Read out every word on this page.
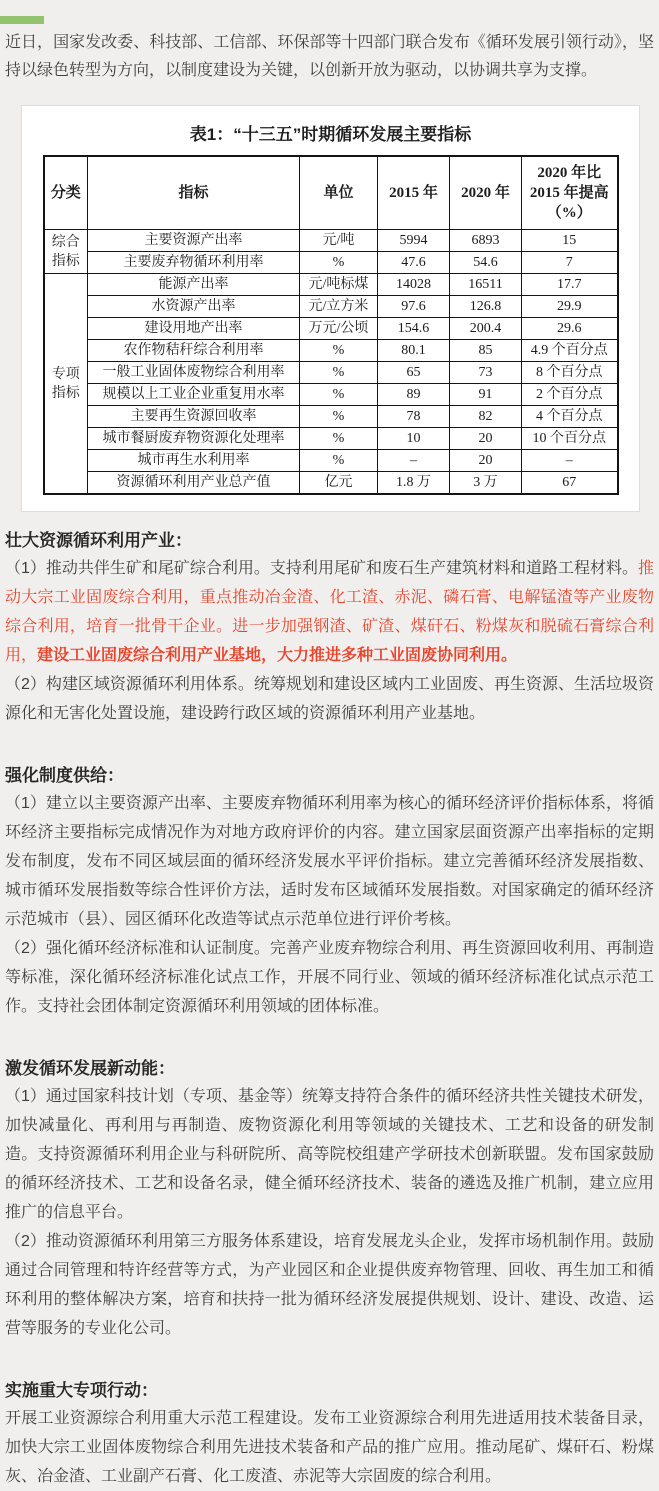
近日，国家发改委、科技部、工信部、环保部等十四部门联合发布《循环发展引领行动》，坚持以绿色转型为方向，以制度建设为关键，以创新开放为驱动，以协调共享为支撑。

表1：“十三五”时期循环发展主要指标
分类	指标	单位	2015 年	2020 年	2020 年比 2015 年提高（%）
综合指标	主要资源产出率	元/吨	5994	6893	15
	主要废弃物循环利用率	%	47.6	54.6	7
专项指标	能源产出率	元/吨标煤	14028	16511	17.7
	水资源产出率	元/立方米	97.6	126.8	29.9
	建设用地产出率	万元/公顷	154.6	200.4	29.6
	农作物秸秆综合利用率	%	80.1	85	4.9 个百分点
	一般工业固体废物综合利用率	%	65	73	8 个百分点
	规模以上工业企业重复用水率	%	89	91	2 个百分点
	主要再生资源回收率	%	78	82	4 个百分点
	城市餐厨废弃物资源化处理率	%	10	20	10 个百分点
	城市再生水利用率	%	–	20	–
	资源循环利用产业总产值	亿元	1.8 万	3 万	67
壮大资源循环利用产业：

（1）推动共伴生矿和尾矿综合利用。支持利用尾矿和废石生产建筑材料和道路工程材料。推动大宗工业固废综合利用，重点推动冶金渣、化工渣、赤泥、磷石膏、电解锰渣等产业废物综合利用，培育一批骨干企业。进一步加强钢渣、矿渣、煤矸石、粉煤灰和脱硫石膏综合利用，建设工业固废综合利用产业基地，大力推进多种工业固废协同利用。

（2）构建区域资源循环利用体系。统筹规划和建设区域内工业固废、再生资源、生活垃圾资源化和无害化处置设施，建设跨行政区域的资源循环利用产业基地。

强化制度供给：

（1）建立以主要资源产出率、主要废弃物循环利用率为核心的循环经济评价指标体系，将循环经济主要指标完成情况作为对地方政府评价的内容。建立国家层面资源产出率指标的定期发布制度，发布不同区域层面的循环经济发展水平评价指标。建立完善循环经济发展指数、城市循环发展指数等综合性评价方法，适时发布区域循环发展指数。对国家确定的循环经济示范城市（县）、园区循环化改造等试点示范单位进行评价考核。

（2）强化循环经济标准和认证制度。完善产业废弃物综合利用、再生资源回收利用、再制造等标准，深化循环经济标准化试点工作，开展不同行业、领域的循环经济标准化试点示范工作。支持社会团体制定资源循环利用领域的团体标准。

激发循环发展新动能：

（1）通过国家科技计划（专项、基金等）统筹支持符合条件的循环经济共性关键技术研发，加快减量化、再利用与再制造、废物资源化利用等领域的关键技术、工艺和设备的研发制造。支持资源循环利用企业与科研院所、高等院校组建产学研技术创新联盟。发布国家鼓励的循环经济技术、工艺和设备名录，健全循环经济技术、装备的遴选及推广机制，建立应用推广的信息平台。

（2）推动资源循环利用第三方服务体系建设，培育发展龙头企业，发挥市场机制作用。鼓励通过合同管理和特许经营等方式，为产业园区和企业提供废弃物管理、回收、再生加工和循环利用的整体解决方案，培育和扶持一批为循环经济发展提供规划、设计、建设、改造、运营等服务的专业化公司。

实施重大专项行动：

开展工业资源综合利用重大示范工程建设。发布工业资源综合利用先进适用技术装备目录，加快大宗工业固体废物综合利用先进技术装备和产品的推广应用。推动尾矿、煤矸石、粉煤灰、冶金渣、工业副产石膏、化工废渣、赤泥等大宗固废的综合利用。
